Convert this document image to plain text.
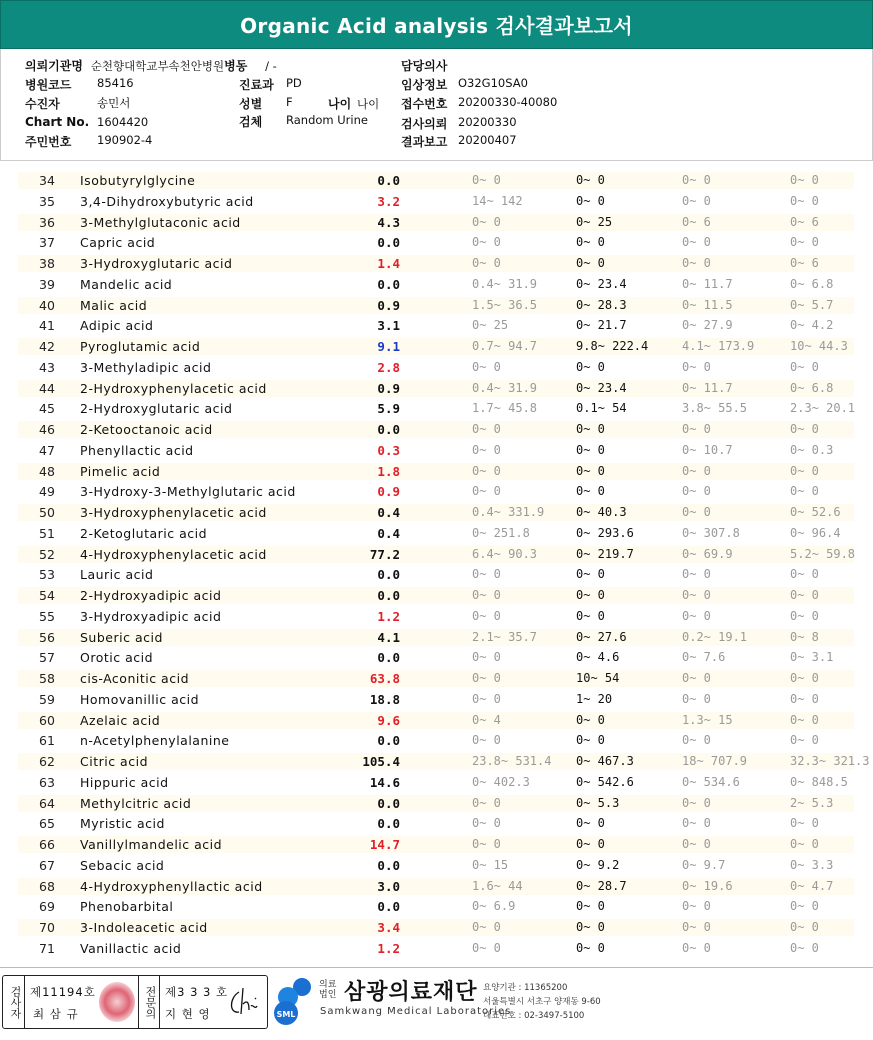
Organic Acid analysis 검사결과보고서
의뢰기관명 순천향대학교부속천안병원병동 / -	담당의사
병원코드 85416	진료과 PD	임상정보 O32G10SA0
수진자	송민서	성별 F	나이 나이 접수번호 20200330-40080
Chart No. 1604420	검체 Random Urine	검사의뢰 20200330
주민번호 190902-4	결과보고 20200407
34 Isobutyrylglycine	0.0	0~ 0	0~ 0	0~ 0	0~ 0
35 3,4-Dihydroxybutyric acid	3.2	14~ 142	0~ 0	0~ 0	0~ 0
36 3-Methylglutaconic acid	4.3	0~ 0	0~ 25	0~ 6	0~ 6
37 Capric acid	0.0	0~ 0	0~ 0	0~ 0	0~ 0
38 3-Hydroxyglutaric acid	1.4	0~ 0	0~ 0	0~ 0	0~ 6
39 Mandelic acid	0.0	0.4~ 31.9	0~ 23.4	0~ 11.7	0~ 6.8
40 Malic acid	0.9	1.5~ 36.5	0~ 28.3	0~ 11.5	0~ 5.7
41 Adipic acid	3.1	0~ 25	0~ 21.7	0~ 27.9	0~ 4.2
42 Pyroglutamic acid	9.1	0.7~ 94.7	9.8~ 222.4	4.1~ 173.9	10~ 44.3
43 3-Methyladipic acid	2.8	0~ 0	0~ 0	0~ 0	0~ 0
44 2-Hydroxyphenylacetic acid	0.9	0.4~ 31.9	0~ 23.4	0~ 11.7	0~ 6.8
45 2-Hydroxyglutaric acid	5.9	1.7~ 45.8	0.1~ 54	3.8~ 55.5	2.3~ 20.1
46 2-Ketooctanoic acid	0.0	0~ 0	0~ 0	0~ 0	0~ 0
47 Phenyllactic acid	0.3	0~ 0	0~ 0	0~ 10.7	0~ 0.3
48 Pimelic acid	1.8	0~ 0	0~ 0	0~ 0	0~ 0
49 3-Hydroxy-3-Methylglutaric acid	0.9	0~ 0	0~ 0	0~ 0	0~ 0
50 3-Hydroxyphenylacetic acid	0.4	0.4~ 331.9	0~ 40.3	0~ 0	0~ 52.6
51 2-Ketoglutaric acid	0.4	0~ 251.8	0~ 293.6	0~ 307.8	0~ 96.4
52 4-Hydroxyphenylacetic acid	77.2	6.4~ 90.3	0~ 219.7	0~ 69.9	5.2~ 59.8
53 Lauric acid	0.0	0~ 0	0~ 0	0~ 0	0~ 0
54 2-Hydroxyadipic acid	0.0	0~ 0	0~ 0	0~ 0	0~ 0
55 3-Hydroxyadipic acid	1.2	0~ 0	0~ 0	0~ 0	0~ 0
56 Suberic acid	4.1	2.1~ 35.7	0~ 27.6	0.2~ 19.1	0~ 8
57 Orotic acid	0.0	0~ 0	0~ 4.6	0~ 7.6	0~ 3.1
58 cis-Aconitic acid	63.8	0~ 0	10~ 54	0~ 0	0~ 0
59 Homovanillic acid	18.8	0~ 0	1~ 20	0~ 0	0~ 0
60 Azelaic acid	9.6	0~ 4	0~ 0	1.3~ 15	0~ 0
61 n-Acetylphenylalanine	0.0	0~ 0	0~ 0	0~ 0	0~ 0
62 Citric acid	105.4	23.8~ 531.4 0~ 467.3	18~ 707.9	32.3~ 321.3
63 Hippuric acid	14.6	0~ 402.3	0~ 542.6	0~ 534.6	0~ 848.5
64 Methylcitric acid	0.0	0~ 0	0~ 5.3	0~ 0	2~ 5.3
65 Myristic acid	0.0	0~ 0	0~ 0	0~ 0	0~ 0
66 Vanillylmandelic acid	14.7	0~ 0	0~ 0	0~ 0	0~ 0
67 Sebacic acid	0.0	0~ 15	0~ 9.2	0~ 9.7	0~ 3.3
68 4-Hydroxyphenyllactic acid	3.0	1.6~ 44	0~ 28.7	0~ 19.6	0~ 4.7
69 Phenobarbital	0.0	0~ 6.9	0~ 0	0~ 0	0~ 0
70 3-Indoleacetic acid	3.4	0~ 0	0~ 0	0~ 0	0~ 0
71 Vanillactic acid	1.2	0~ 0	0~ 0	0~ 0	0~ 0
검사자 제11194호
최 삼 규	전문의 제3 3 3 호
지 현 영	SML
의료법인 삼광의료재단
Samkwang Medical Laboratories
요양기관 : 11365200
서울특별시 서초구 양재동 9-60
대표번호 : 02-3497-5100
